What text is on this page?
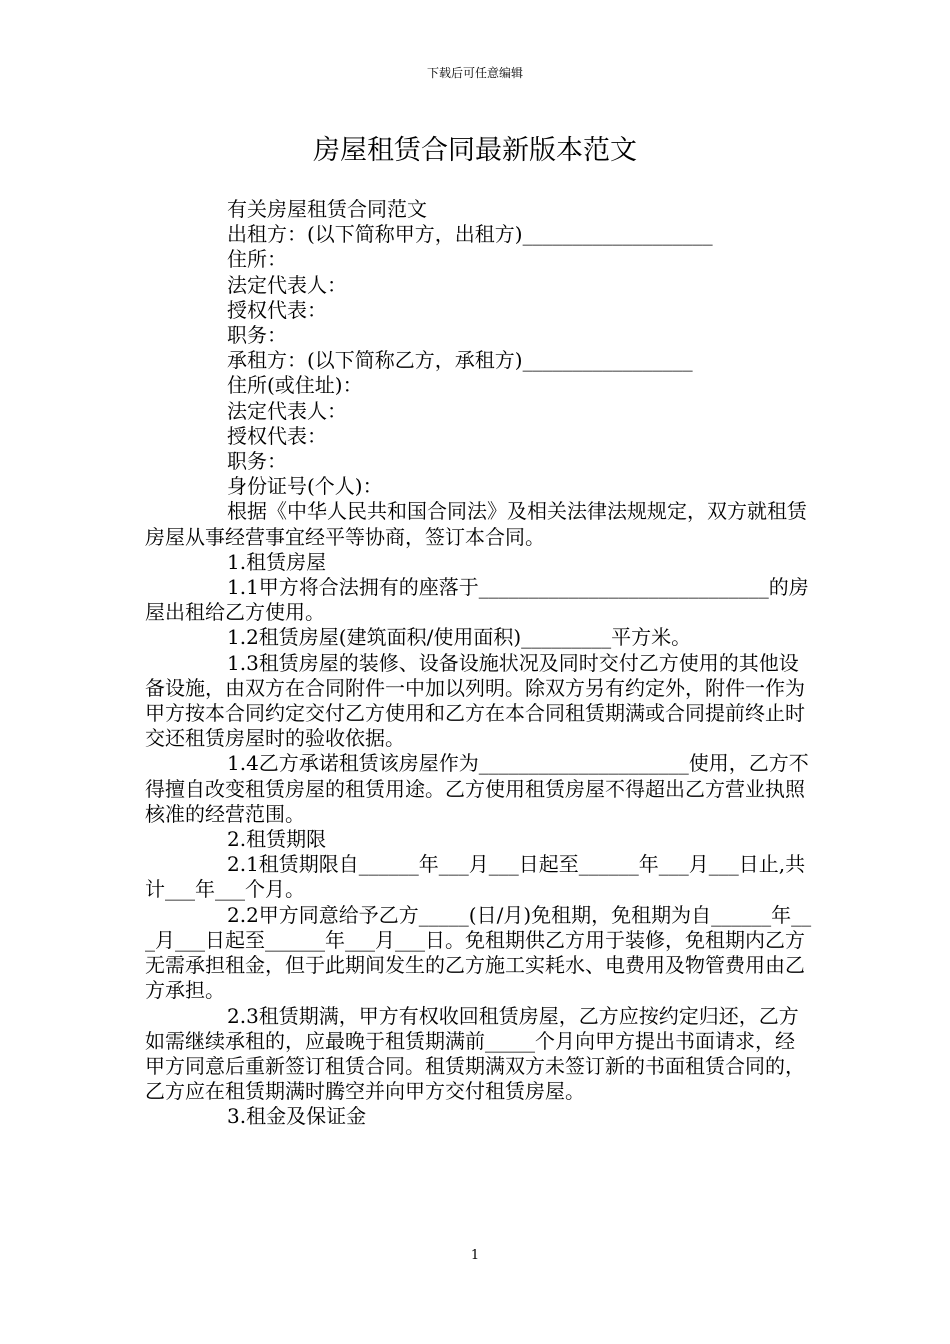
下载后可任意编辑
房屋租赁合同最新版本范文

有关房屋租赁合同范文

出租方：(以下简称甲方，出租方)___________________

住所：

法定代表人：

授权代表：

职务：

承租方：(以下简称乙方，承租方)_________________

住所(或住址)：

法定代表人：

授权代表：

职务：

身份证号(个人)：

根据《中华人民共和国合同法》及相关法律法规规定，双方就租赁房屋从事经营事宜经平等协商，签订本合同。

1.租赁房屋

1.1甲方将合法拥有的座落于_____________________________的房屋出租给乙方使用。

1.2租赁房屋(建筑面积/使用面积)_________平方米。

1.3租赁房屋的装修、设备设施状况及同时交付乙方使用的其他设备设施，由双方在合同附件一中加以列明。除双方另有约定外，附件一作为甲方按本合同约定交付乙方使用和乙方在本合同租赁期满或合同提前终止时交还租赁房屋时的验收依据。

1.4乙方承诺租赁该房屋作为_____________________使用，乙方不得擅自改变租赁房屋的租赁用途。乙方使用租赁房屋不得超出乙方营业执照核准的经营范围。

2.租赁期限

2.1租赁期限自______年___月___日起至______年___月___日止,共计___年___个月。

2.2甲方同意给予乙方_____(日/月)免租期，免租期为自______年___月___日起至______年___月___日。免租期供乙方用于装修，免租期内乙方无需承担租金，但于此期间发生的乙方施工实耗水、电费用及物管费用由乙方承担。

2.3租赁期满，甲方有权收回租赁房屋，乙方应按约定归还，乙方如需继续承租的，应最晚于租赁期满前_____个月向甲方提出书面请求，经甲方同意后重新签订租赁合同。租赁期满双方未签订新的书面租赁合同的，乙方应在租赁期满时腾空并向甲方交付租赁房屋。

3.租金及保证金

1
